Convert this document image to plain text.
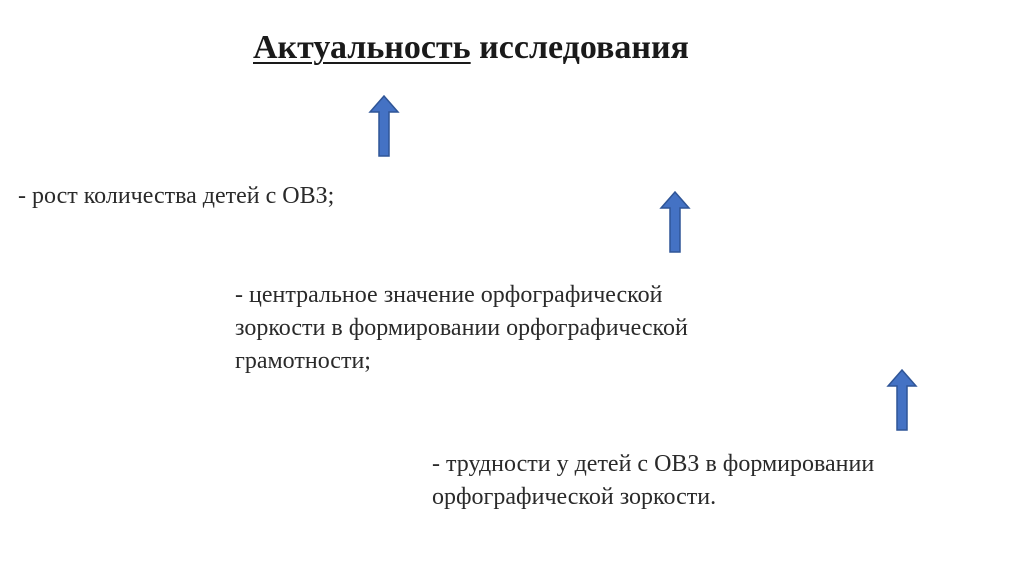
Актуальность исследования
- рост количества детей с ОВЗ;
- центральное значение орфографической
зоркости в формировании орфографической
грамотности;
- трудности у детей с ОВЗ в формировании
орфографической зоркости.
